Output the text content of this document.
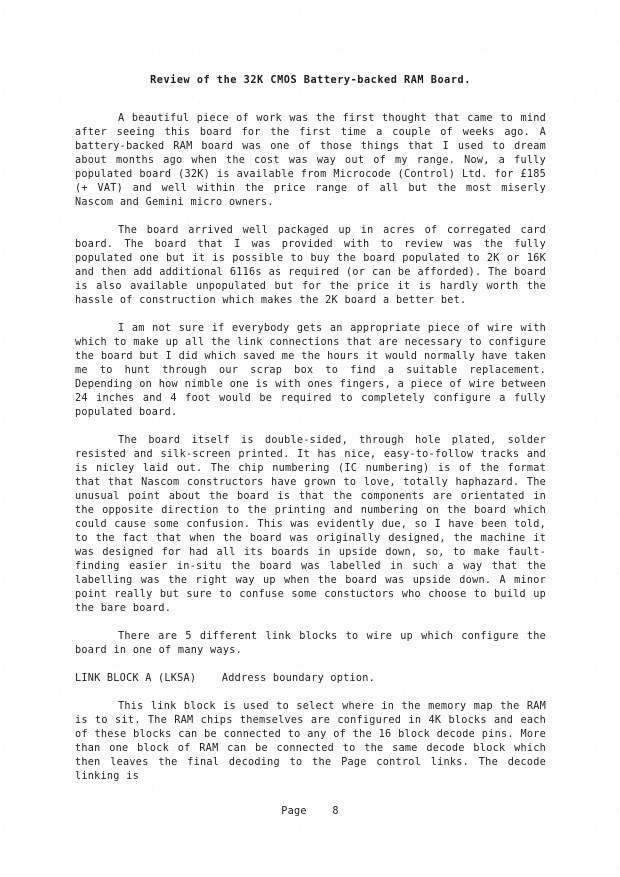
Review of the 32K CMOS Battery-backed RAM Board.

A beautiful piece of work was the first thought that came to mind after seeing this board for the first time a couple of weeks ago. A battery-backed RAM board was one of those things that I used to dream about months ago when the cost was way out of my range. Now, a fully populated board (32K) is available from Microcode (Control) Ltd. for £185 (+ VAT) and well within the price range of all but the most miserly Nascom and Gemini micro owners.

The board arrived well packaged up in acres of corregated card board. The board that I was provided with to review was the fully populated one but it is possible to buy the board populated to 2K or 16K and then add additional 6116s as required (or can be afforded). The board is also available unpopulated but for the price it is hardly worth the hassle of construction which makes the 2K board a better bet.

I am not sure if everybody gets an appropriate piece of wire with which to make up all the link connections that are necessary to configure the board but I did which saved me the hours it would normally have taken me to hunt through our scrap box to find a suitable replacement. Depending on how nimble one is with ones fingers, a piece of wire between 24 inches and 4 foot would be required to completely configure a fully populated board.

The board itself is double-sided, through hole plated, solder resisted and silk-screen printed. It has nice, easy-to-follow tracks and is nicley laid out. The chip numbering (IC numbering) is of the format that that Nascom constructors have grown to love, totally haphazard. The unusual point about the board is that the components are orientated in the opposite direction to the printing and numbering on the board which could cause some confusion. This was evidently due, so I have been told, to the fact that when the board was originally designed, the machine it was designed for had all its boards in upside down, so, to make fault-finding easier in-situ the board was labelled in such a way that the labelling was the right way up when the board was upside down. A minor point really but sure to confuse some constuctors who choose to build up the bare board.

There are 5 different link blocks to wire up which configure the board in one of many ways.

LINK BLOCK A (LKSA)    Address boundary option.

This link block is used to select where in the memory map the RAM is to sit. The RAM chips themselves are configured in 4K blocks and each of these blocks can be connected to any of the 16 block decode pins. More than one block of RAM can be connected to the same decode block which then leaves the final decoding to the Page control links. The decode linking is

Page    8
